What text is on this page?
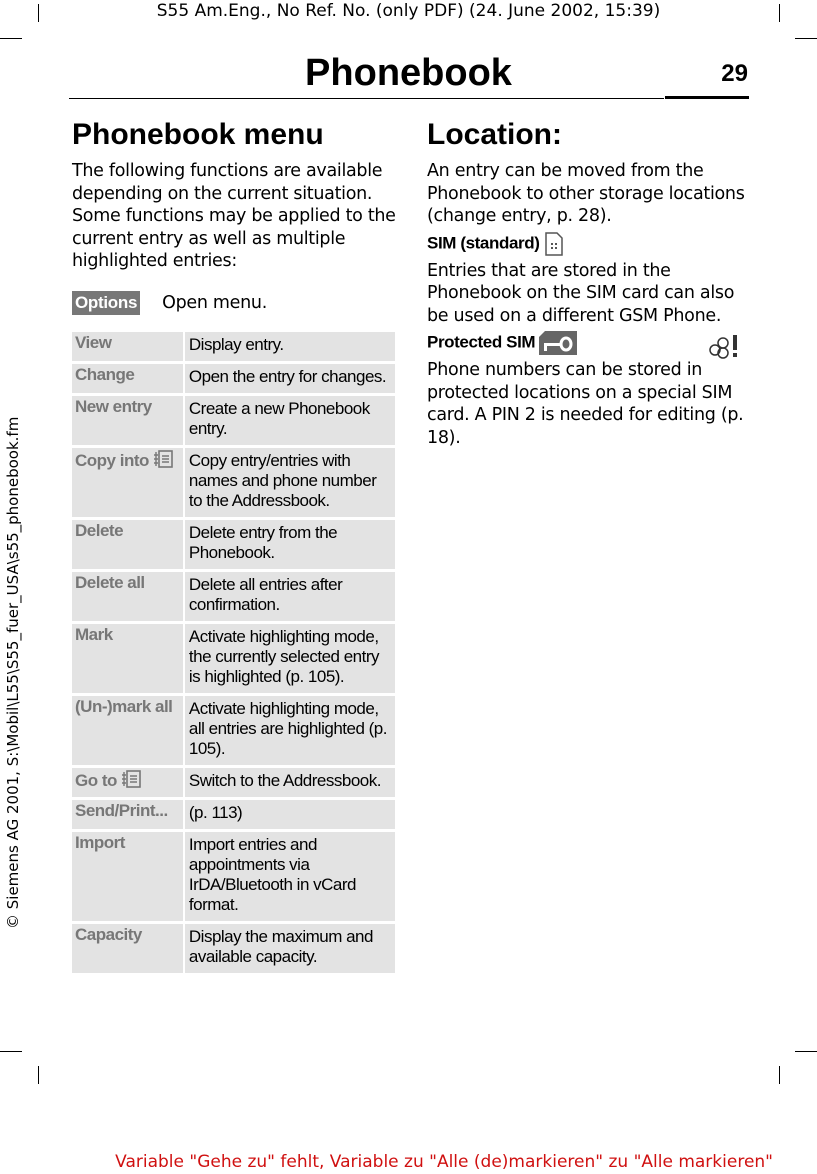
S55 Am.Eng., No Ref. No. (only PDF) (24. June 2002, 15:39)
Phonebook	29
© Siemens AG 2001, S:\Mobil\L55\S55_fuer_USA\s55_phonebook.fm
Phonebook menu
The following functions are available depending on the current situation. Some functions may be applied to the current entry as well as multiple highlighted entries:
Options Open menu.
View	Display entry.
Change	Open the entry for changes.
New entry	Create a new Phonebook entry.
Copy into	Copy entry/entries with names and phone number to the Addressbook.
Delete	Delete entry from the Phonebook.
Delete all	Delete all entries after confirmation.
Mark	Activate highlighting mode, the currently selected entry is highlighted (p. 105).
(Un-)mark all	Activate highlighting mode, all entries are highlighted (p. 105).
Go to	Switch to the Addressbook.
Send/Print...	(p. 113)
Import	Import entries and appointments via IrDA/Bluetooth in vCard format.
Capacity	Display the maximum and available capacity.
Location:
An entry can be moved from the Phonebook to other storage locations (change entry, p. 28).
SIM (standard)
Entries that are stored in the Phonebook on the SIM card can also be used on a different GSM Phone.
Protected SIM
Phone numbers can be stored in protected locations on a special SIM card. A PIN 2 is needed for editing (p. 18).
Variable "Gehe zu" fehlt, Variable zu "Alle (de)markieren" zu "Alle markieren"
